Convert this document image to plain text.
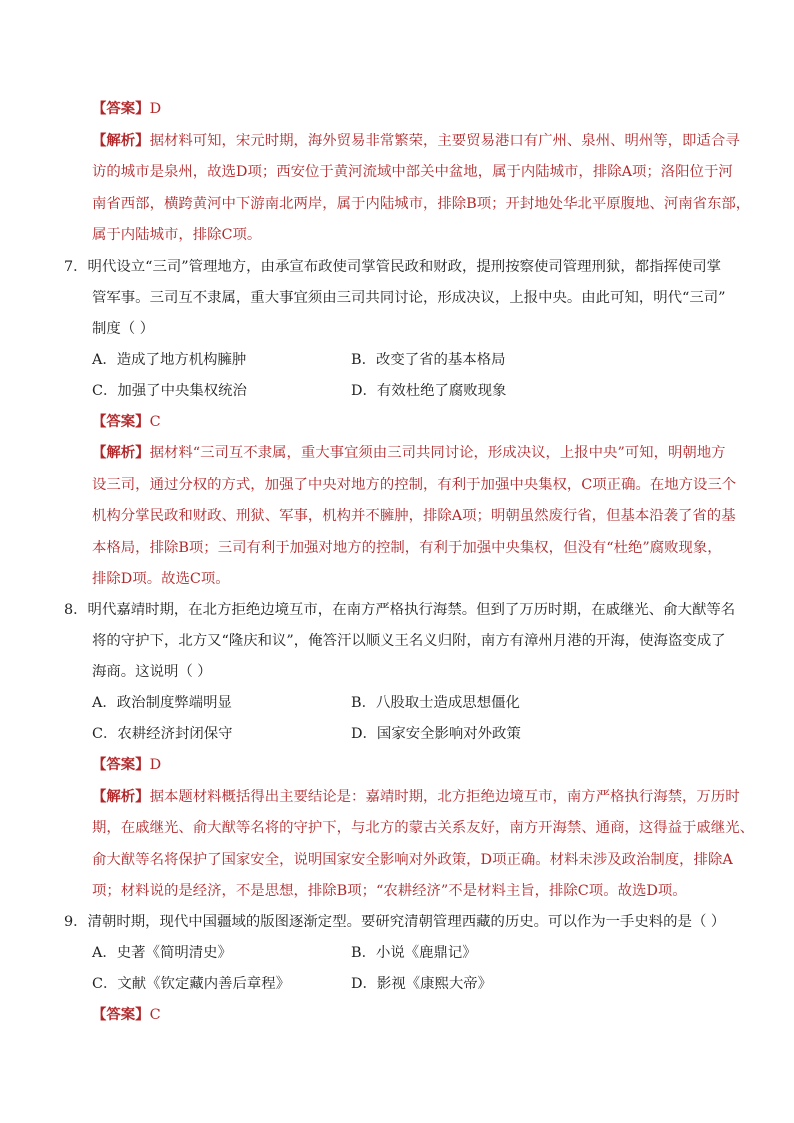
【答案】D
【解析】据材料可知，宋元时期，海外贸易非常繁荣，主要贸易港口有广州、泉州、明州等，即适合寻
访的城市是泉州，故选D项；西安位于黄河流域中部关中盆地，属于内陆城市，排除A项；洛阳位于河
南省西部，横跨黄河中下游南北两岸，属于内陆城市，排除B项；开封地处华北平原腹地、河南省东部，
属于内陆城市，排除C项。
7．明代设立“三司”管理地方，由承宣布政使司掌管民政和财政，提刑按察使司管理刑狱，都指挥使司掌
管军事。三司互不隶属，重大事宜须由三司共同讨论，形成决议，上报中央。由此可知，明代“三司”
制度（ ）
A．造成了地方机构臃肿	B．改变了省的基本格局
C．加强了中央集权统治	D．有效杜绝了腐败现象
【答案】C
【解析】据材料“三司互不隶属，重大事宜须由三司共同讨论，形成决议，上报中央”可知，明朝地方
设三司，通过分权的方式，加强了中央对地方的控制，有利于加强中央集权，C项正确。在地方设三个
机构分掌民政和财政、刑狱、军事，机构并不臃肿，排除A项；明朝虽然废行省，但基本沿袭了省的基
本格局，排除B项；三司有利于加强对地方的控制，有利于加强中央集权，但没有“杜绝”腐败现象，
排除D项。故选C项。
8．明代嘉靖时期，在北方拒绝边境互市，在南方严格执行海禁。但到了万历时期，在戚继光、俞大猷等名
将的守护下，北方又“隆庆和议”，俺答汗以顺义王名义归附，南方有漳州月港的开海，使海盗变成了
海商。这说明（ ）
A．政治制度弊端明显	B．八股取士造成思想僵化
C．农耕经济封闭保守	D．国家安全影响对外政策
【答案】D
【解析】据本题材料概括得出主要结论是：嘉靖时期，北方拒绝边境互市，南方严格执行海禁，万历时
期，在戚继光、俞大猷等名将的守护下，与北方的蒙古关系友好，南方开海禁、通商，这得益于戚继光、
俞大猷等名将保护了国家安全，说明国家安全影响对外政策，D项正确。材料未涉及政治制度，排除A
项；材料说的是经济，不是思想，排除B项；“农耕经济”不是材料主旨，排除C项。故选D项。
9．清朝时期，现代中国疆域的版图逐渐定型。要研究清朝管理西藏的历史。可以作为一手史料的是（ ）
A．史著《简明清史》	B．小说《鹿鼎记》
C．文献《钦定藏内善后章程》	D．影视《康熙大帝》
【答案】C
